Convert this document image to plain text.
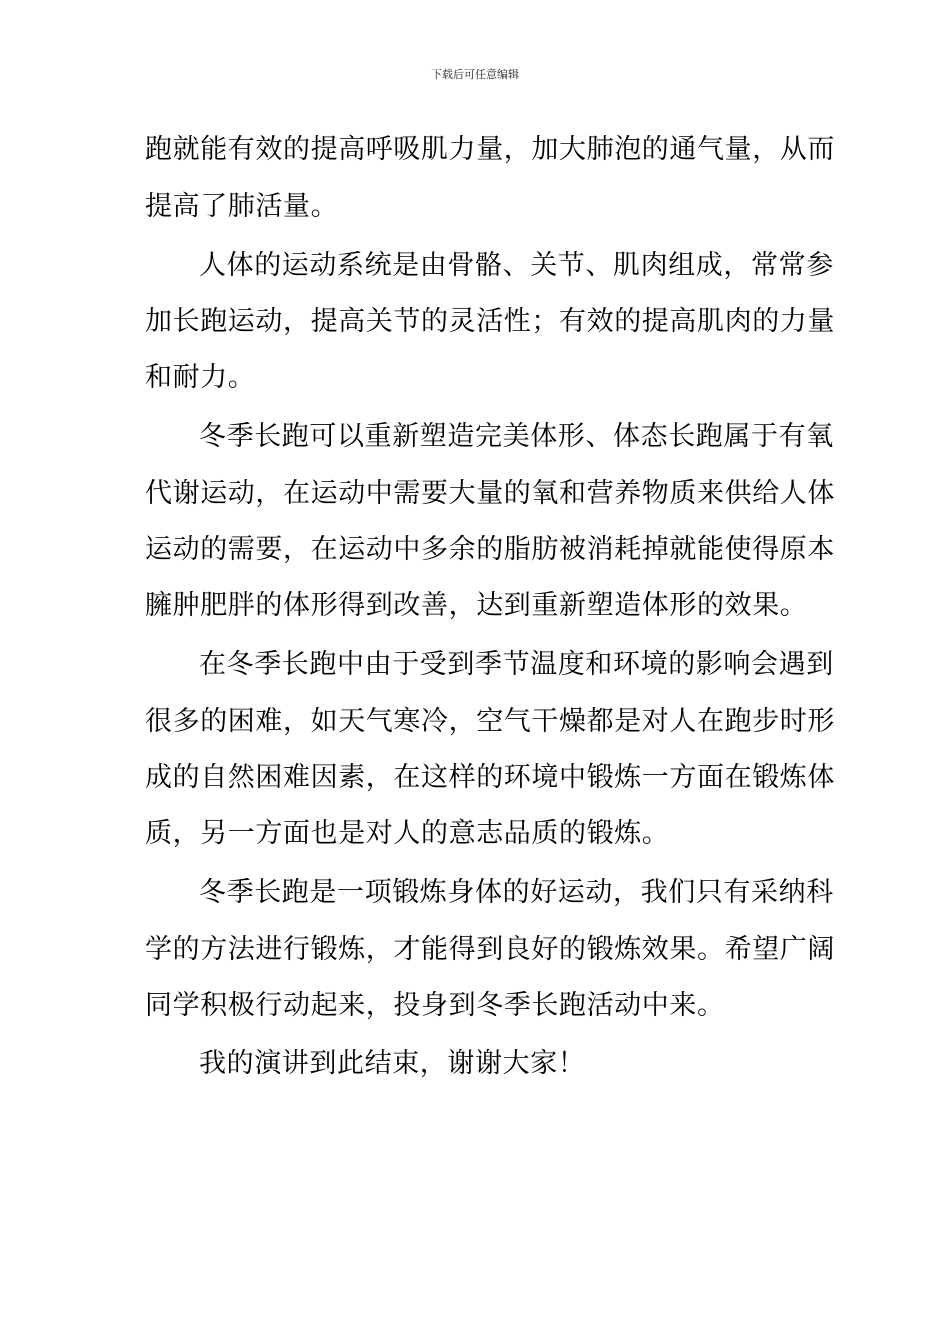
下载后可任意编辑
跑就能有效的提高呼吸肌力量，加大肺泡的通气量，从而
提高了肺活量。
人体的运动系统是由骨骼、关节、肌肉组成，常常参
加长跑运动，提高关节的灵活性；有效的提高肌肉的力量
和耐力。
冬季长跑可以重新塑造完美体形、体态长跑属于有氧
代谢运动，在运动中需要大量的氧和营养物质来供给人体
运动的需要，在运动中多余的脂肪被消耗掉就能使得原本
臃肿肥胖的体形得到改善，达到重新塑造体形的效果。
在冬季长跑中由于受到季节温度和环境的影响会遇到
很多的困难，如天气寒冷，空气干燥都是对人在跑步时形
成的自然困难因素，在这样的环境中锻炼一方面在锻炼体
质，另一方面也是对人的意志品质的锻炼。
冬季长跑是一项锻炼身体的好运动，我们只有采纳科
学的方法进行锻炼，才能得到良好的锻炼效果。希望广阔
同学积极行动起来，投身到冬季长跑活动中来。
我的演讲到此结束，谢谢大家！
